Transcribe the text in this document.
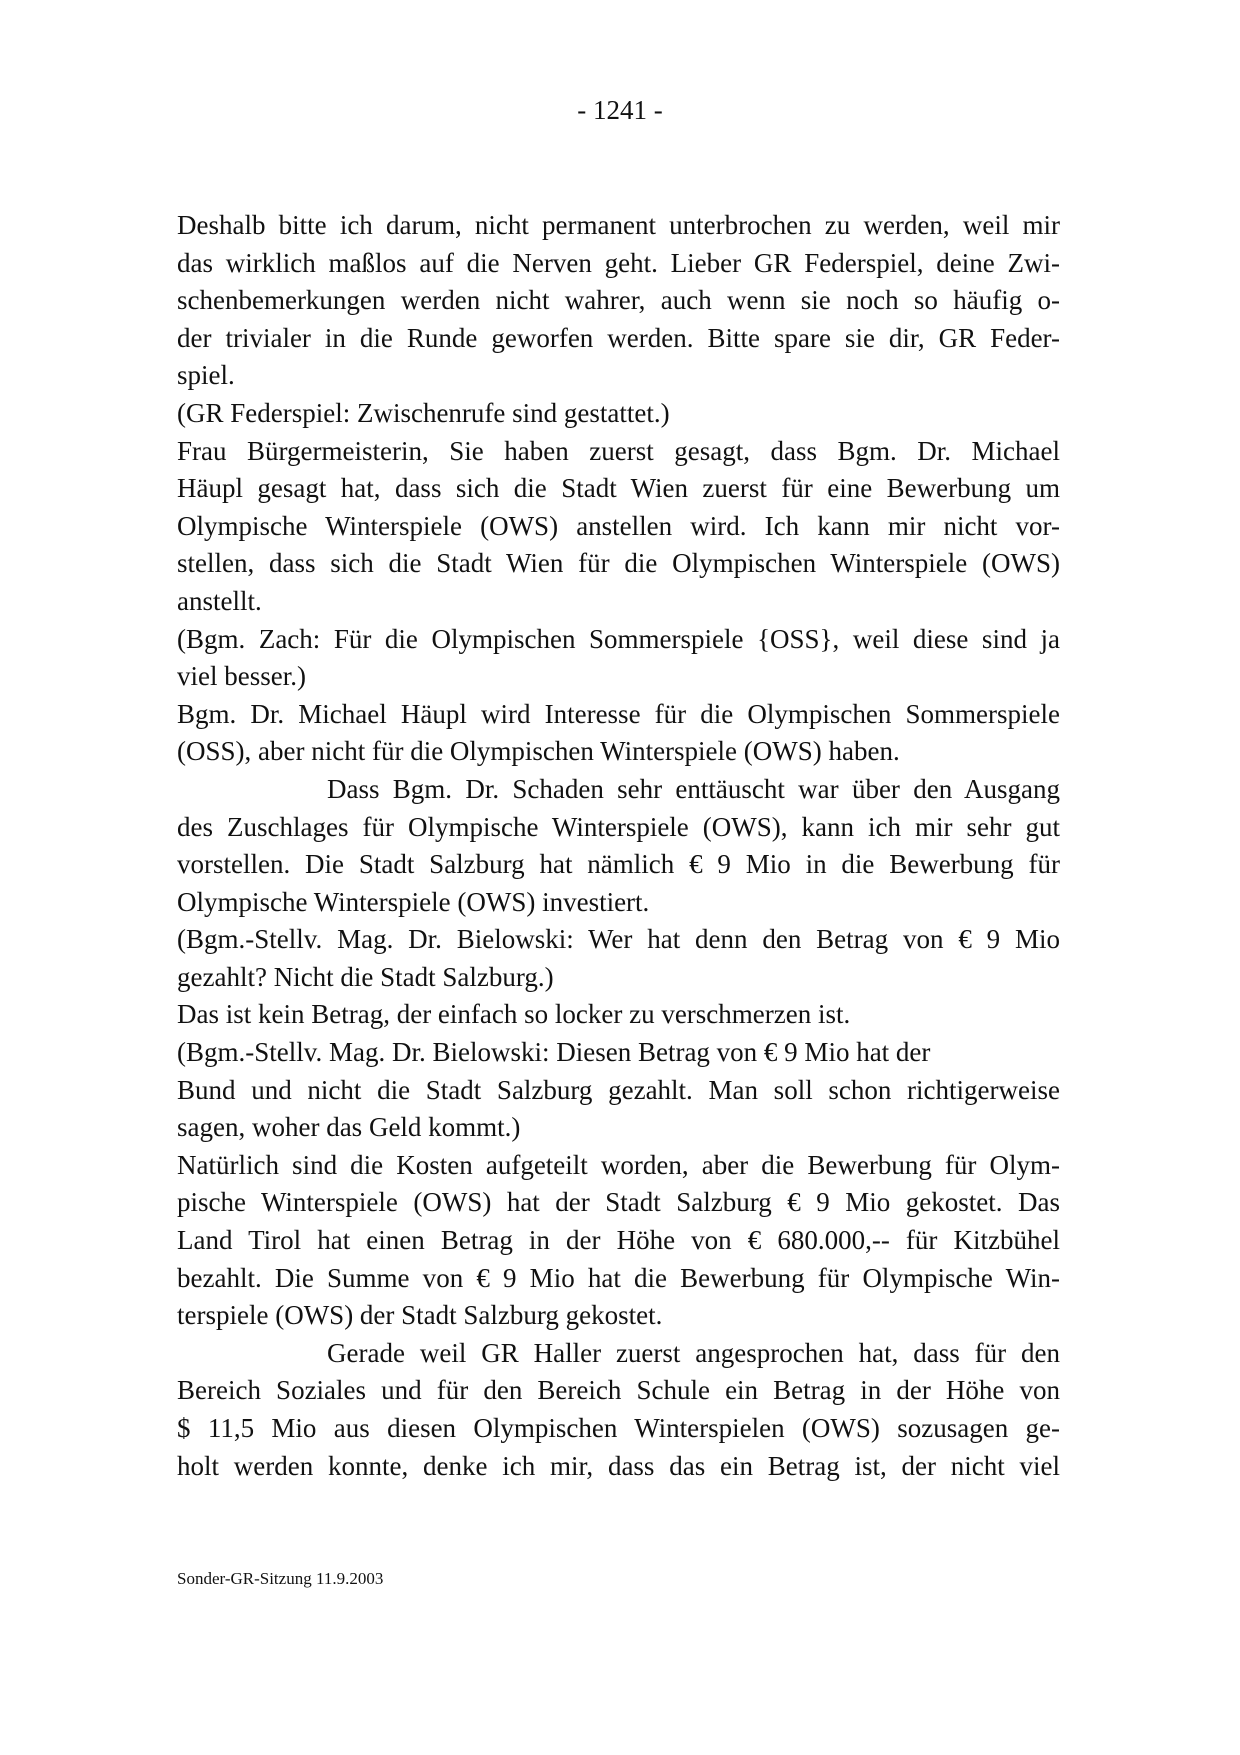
- 1241 -
Deshalb bitte ich darum, nicht permanent unterbrochen zu werden, weil mir
das wirklich maßlos auf die Nerven geht. Lieber GR Federspiel, deine Zwi-
schenbemerkungen werden nicht wahrer, auch wenn sie noch so häufig o-
der trivialer in die Runde geworfen werden. Bitte spare sie dir, GR Feder-
spiel.
(GR Federspiel: Zwischenrufe sind gestattet.)
Frau Bürgermeisterin, Sie haben zuerst gesagt, dass Bgm. Dr. Michael
Häupl gesagt hat, dass sich die Stadt Wien zuerst für eine Bewerbung um
Olympische Winterspiele (OWS) anstellen wird. Ich kann mir nicht vor-
stellen, dass sich die Stadt Wien für die Olympischen Winterspiele (OWS)
anstellt.
(Bgm. Zach: Für die Olympischen Sommerspiele {OSS}, weil diese sind ja
viel besser.)
Bgm. Dr. Michael Häupl wird Interesse für die Olympischen Sommerspiele
(OSS), aber nicht für die Olympischen Winterspiele (OWS) haben.
Dass Bgm. Dr. Schaden sehr enttäuscht war über den Ausgang
des Zuschlages für Olympische Winterspiele (OWS), kann ich mir sehr gut
vorstellen. Die Stadt Salzburg hat nämlich € 9 Mio in die Bewerbung für
Olympische Winterspiele (OWS) investiert.
(Bgm.-Stellv. Mag. Dr. Bielowski: Wer hat denn den Betrag von € 9 Mio
gezahlt? Nicht die Stadt Salzburg.)
Das ist kein Betrag, der einfach so locker zu verschmerzen ist.
(Bgm.-Stellv. Mag. Dr. Bielowski: Diesen Betrag von € 9 Mio hat der
Bund und nicht die Stadt Salzburg gezahlt. Man soll schon richtigerweise
sagen, woher das Geld kommt.)
Natürlich sind die Kosten aufgeteilt worden, aber die Bewerbung für Olym-
pische Winterspiele (OWS) hat der Stadt Salzburg € 9 Mio gekostet. Das
Land Tirol hat einen Betrag in der Höhe von € 680.000,-- für Kitzbühel
bezahlt. Die Summe von € 9 Mio hat die Bewerbung für Olympische Win-
terspiele (OWS) der Stadt Salzburg gekostet.
Gerade weil GR Haller zuerst angesprochen hat, dass für den
Bereich Soziales und für den Bereich Schule ein Betrag in der Höhe von
$ 11,5 Mio aus diesen Olympischen Winterspielen (OWS) sozusagen ge-
holt werden konnte, denke ich mir, dass das ein Betrag ist, der nicht viel
Sonder-GR-Sitzung 11.9.2003
